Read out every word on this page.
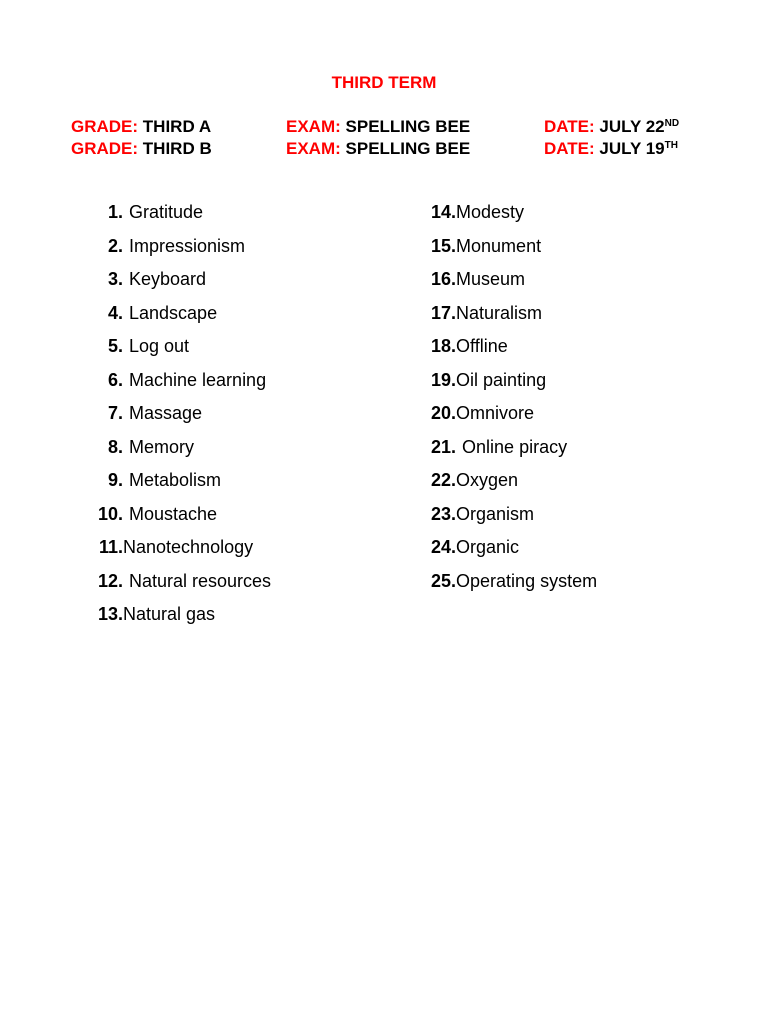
THIRD TERM
GRADE: THIRD A	EXAM: SPELLING BEE	DATE: JULY 22ND
GRADE: THIRD B	EXAM: SPELLING BEE	DATE: JULY 19TH
1. Gratitude
2. Impressionism
3. Keyboard
4. Landscape
5. Log out
6. Machine learning
7. Massage
8. Memory
9. Metabolism
10. Moustache
11.Nanotechnology
12. Natural resources
13.Natural gas
14.Modesty
15.Monument
16.Museum
17.Naturalism
18.Offline
19.Oil painting
20.Omnivore
21. Online piracy
22.Oxygen
23.Organism
24.Organic
25.Operating system
